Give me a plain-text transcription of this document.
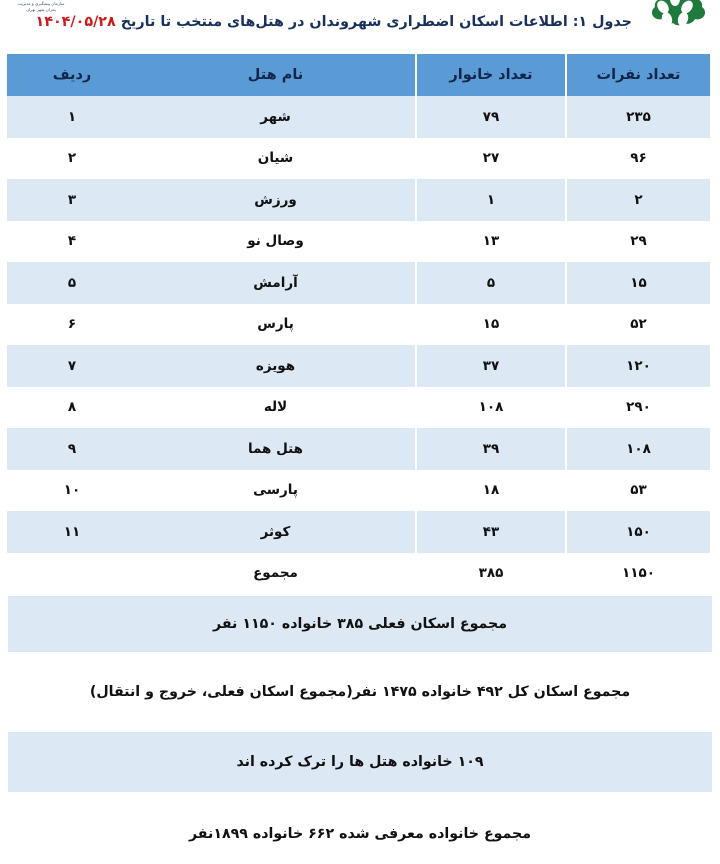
سازمان پیشگیری و مدیریت
بحران شهر تهران
جدول ۱: اطلاعات اسکان اضطراری شهروندان در هتل‌های منتخب تا تاریخ ۱۴۰۴/۰۵/۲۸
تعداد نفرات	تعداد خانوار	نام هتل	ردیف
۲۳۵	۷۹	شهر	۱
۹۶	۲۷	شیان	۲
۲	۱	ورزش	۳
۲۹	۱۳	وصال نو	۴
۱۵	۵	آرامش	۵
۵۲	۱۵	پارس	۶
۱۲۰	۳۷	هویزه	۷
۲۹۰	۱۰۸	لاله	۸
۱۰۸	۳۹	هتل هما	۹
۵۳	۱۸	پارسی	۱۰
۱۵۰	۴۳	کوثر	۱۱
۱۱۵۰	۳۸۵	مجموع	
مجموع اسکان فعلی ۳۸۵ خانواده ۱۱۵۰ نفر
مجموع اسکان کل ۴۹۲ خانواده ۱۴۷۵ نفر(مجموع اسکان فعلی، خروج و انتقال)
۱۰۹ خانواده هتل ها را ترک کرده اند
مجموع خانواده معرفی شده ۶۶۲ خانواده ۱۸۹۹نفر
